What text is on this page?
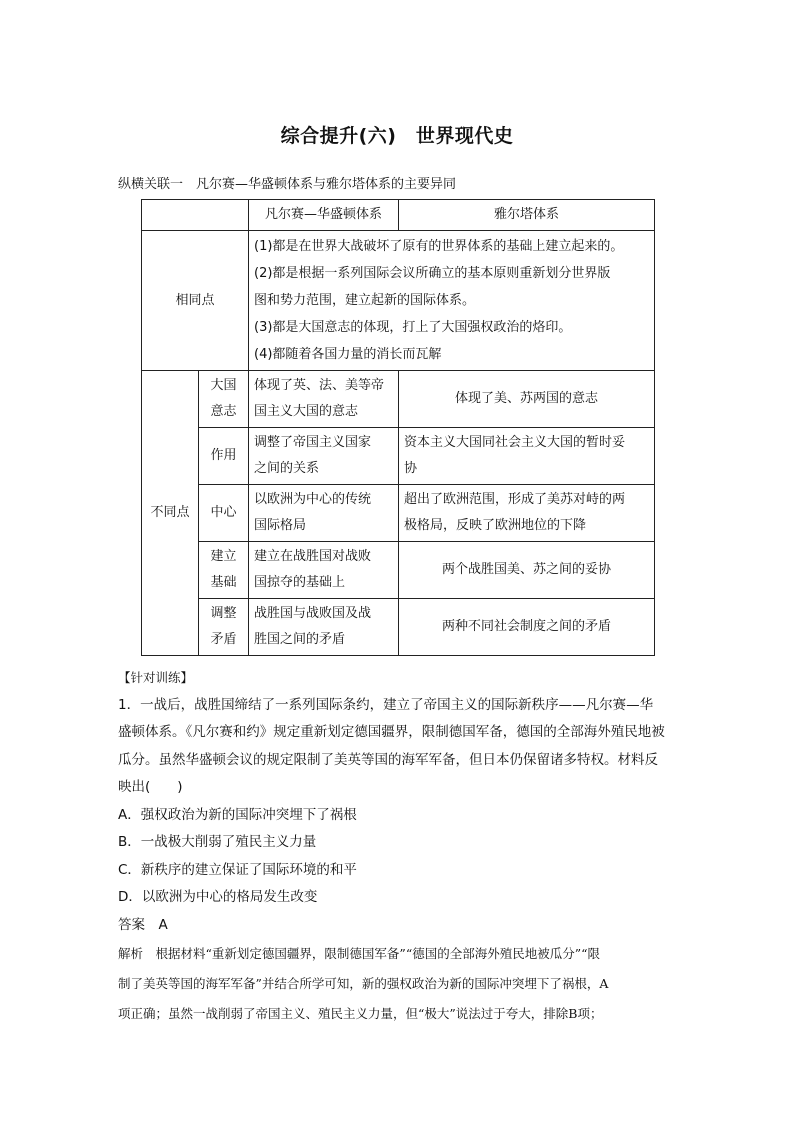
综合提升(六)　世界现代史
纵横关联一　凡尔赛—华盛顿体系与雅尔塔体系的主要异同
		凡尔赛—华盛顿体系	雅尔塔体系
相同点		(1)都是在世界大战破坏了原有的世界体系的基础上建立起来的。

(2)都是根据一系列国际会议所确立的基本原则重新划分世界版

图和势力范围，建立起新的国际体系。

(3)都是大国意志的体现，打上了大国强权政治的烙印。

(4)都随着各国力量的消长而瓦解	

不同点	大国
意志	体现了英、法、美等帝
国主义大国的意志	体现了美、苏两国的意志
	作用	调整了帝国主义国家
之间的关系	资本主义大国同社会主义大国的暂时妥
协
	中心	以欧洲为中心的传统
国际格局	超出了欧洲范围，形成了美苏对峙的两
极格局，反映了欧洲地位的下降
	建立
基础	建立在战胜国对战败
国掠夺的基础上	两个战胜国美、苏之间的妥协
	调整
矛盾	战胜国与战败国及战
胜国之间的矛盾	两种不同社会制度之间的矛盾
【针对训练】
1．一战后，战胜国缔结了一系列国际条约，建立了帝国主义的国际新秩序——凡尔赛—华
盛顿体系。《凡尔赛和约》规定重新划定德国疆界，限制德国军备，德国的全部海外殖民地被
瓜分。虽然华盛顿会议的规定限制了美英等国的海军军备，但日本仍保留诸多特权。材料反
映出(　　)
A．强权政治为新的国际冲突埋下了祸根
B．一战极大削弱了殖民主义力量
C．新秩序的建立保证了国际环境的和平
D．以欧洲为中心的格局发生改变
答案　 A
解析　 根据材料“重新划定德国疆界，限制德国军备”“德国的全部海外殖民地被瓜分”“限
制了美英等国的海军军备”并结合所学可知，新的强权政治为新的国际冲突埋下了祸根，A
项正确；虽然一战削弱了帝国主义、殖民主义力量，但“极大”说法过于夸大，排除B项；
